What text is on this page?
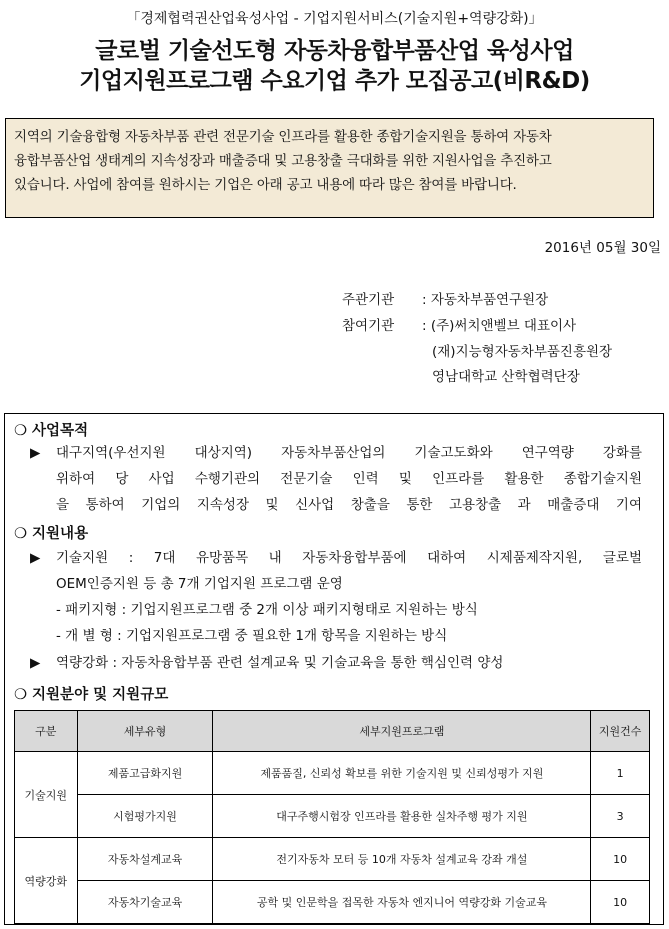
「경제협력권산업육성사업 - 기업지원서비스(기술지원+역량강화)」
글로벌 기술선도형 자동차융합부품산업 육성사업
기업지원프로그램 수요기업 추가 모집공고(비R&D)
지역의 기술융합형 자동차부품 관련 전문기술 인프라를 활용한 종합기술지원을 통하여 자동차
융합부품산업 생태계의 지속성장과 매출증대 및 고용창출 극대화를 위한 지원사업을 추진하고
있습니다. 사업에 참여를 원하시는 기업은 아래 공고 내용에 따라 많은 참여를 바랍니다.
2016년 05월 30일
주관기관 : 자동차부품연구원장
참여기관 : (주)써치앤벨브 대표이사
(재)지능형자동차부품진흥원장
영남대학교 산학협력단장
❍ 사업목적
▶ 대구지역(우선지원 대상지역) 자동차부품산업의 기술고도화와 연구역량 강화를
위하여 당 사업 수행기관의 전문기술 인력 및 인프라를 활용한 종합기술지원
을 통하여 기업의 지속성장 및 신사업 창출을 통한 고용창출 과 매출증대 기여
❍ 지원내용
▶ 기술지원 : 7대 유망품목 내 자동차융합부품에 대하여 시제품제작지원, 글로벌
OEM인증지원 등 총 7개 기업지원 프로그램 운영
- 패키지형 : 기업지원프로그램 중 2개 이상 패키지형태로 지원하는 방식
- 개 별 형 : 기업지원프로그램 중 필요한 1개 항목을 지원하는 방식
▶ 역량강화 : 자동차융합부품 관련 설계교육 및 기술교육을 통한 핵심인력 양성
❍ 지원분야 및 지원규모
구분	세부유형	세부지원프로그램	지원건수
기술지원	제품고급화지원	제품품질, 신뢰성 확보를 위한 기술지원 및 신뢰성평가 지원	1
	시험평가지원	대구주행시험장 인프라를 활용한 실차주행 평가 지원	3
역량강화	자동차설계교육	전기자동차 모터 등 10개 자동차 설계교육 강좌 개설	10
	자동차기술교육	공학 및 인문학을 접목한 자동차 엔지니어 역량강화 기술교육	10
